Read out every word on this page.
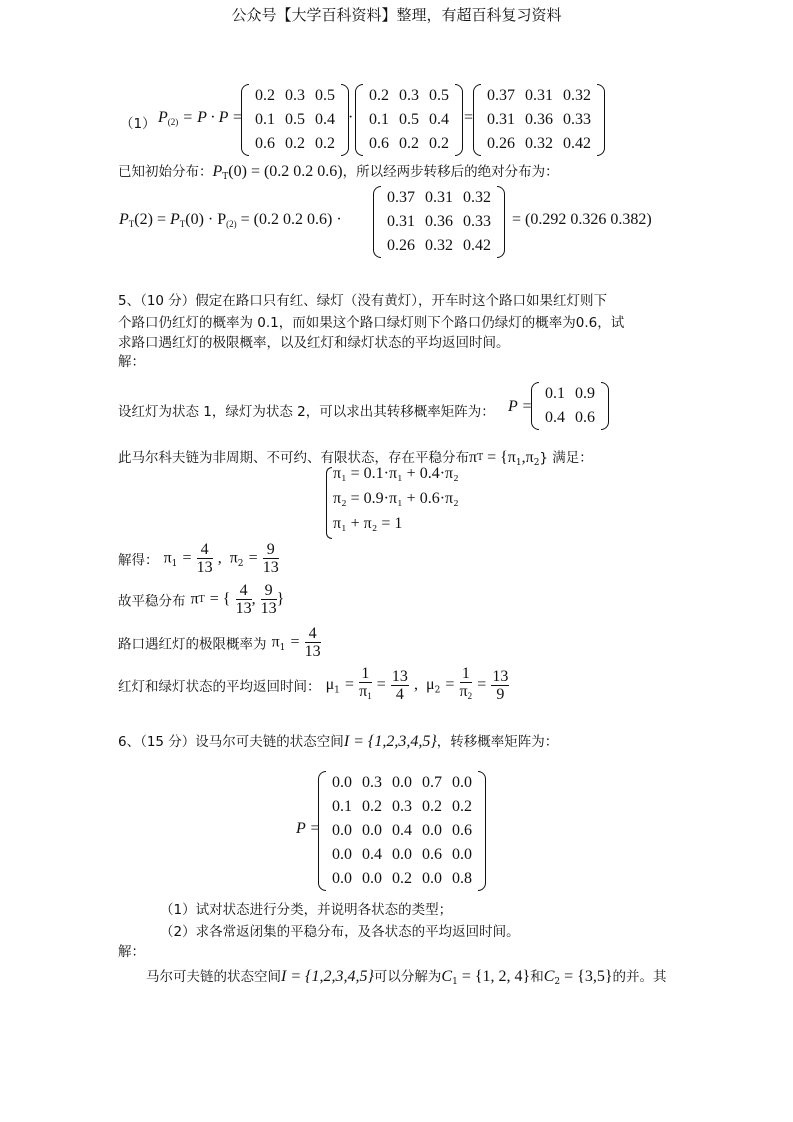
公众号【大学百科资料】整理，有超百科复习资料
（1） $P_{(2)} = P \cdot P$ =
0.2	0.3	0.5
0.1	0.5	0.4
0.6	0.2	0.2
·
0.2	0.3	0.5
0.1	0.5	0.4
0.6	0.2	0.2
=
0.37	0.31	0.32
0.31	0.36	0.33
0.26	0.32	0.42
已知初始分布：$P_T(0) = (0.2$ 0.2 0.6)，所以经两步转移后的绝对分布为：
$P_T(2) = P_T(0) \cdot P_{(2)} = (0.2$ 0.2 0.6) ·
0.37	0.31	0.32
0.31	0.36	0.33
0.26	0.32	0.42
= (0.292 0.326 0.382)
5、（10 分）假定在路口只有红、绿灯（没有黄灯），开车时这个路口如果红灯则下
个路口仍红灯的概率为 0.1，而如果这个路口绿灯则下个路口仍绿灯的概率为0.6，试
求路口遇红灯的极限概率，以及红灯和绿灯状态的平均返回时间。
解：
设红灯为状态 1，绿灯为状态 2，可以求出其转移概率矩阵为： P =
0.1	0.9
0.4	0.6
此马尔科夫链为非周期、不可约、有限状态，存在平稳分布$\pi^T = \{\pi_1,\pi_2\}$ 满足：
π₁ = 0.1·π₁ + 0.4·π₂
π₂ = 0.9·π₁ + 0.6·π₂
π₁ + π₂ = 1
解得： $\pi_1 = \frac{4}{13}$ ,  $\pi_2 = \frac{9}{13}$
故平稳分布 $\pi^T$ = { $\frac{4}{13}$ , $\frac{9}{13}$ }
路口遇红灯的极限概率为 $\pi_1 = \frac{4}{13}$
红灯和绿灯状态的平均返回时间： $\mu_1 = \frac{1}{\pi_1} = \frac{13}{4}$ ,  $\mu_2 = \frac{1}{\pi_2} = \frac{13}{9}$
6、（15 分）设马尔可夫链的状态空间I = {1,2,3,4,5}，转移概率矩阵为：
P =
0.0	0.3	0.0	0.7	0.0
0.1	0.2	0.3	0.2	0.2
0.0	0.0	0.4	0.0	0.6
0.0	0.4	0.0	0.6	0.0
0.0	0.0	0.2	0.0	0.8
（1）试对状态进行分类，并说明各状态的类型；
（2）求各常返闭集的平稳分布，及各状态的平均返回时间。
解：
马尔可夫链的状态空间I = {1,2,3,4,5}可以分解为$C_1 = \{1$, 2, 4}和$C_2 = \{3,5\}$的并。其
